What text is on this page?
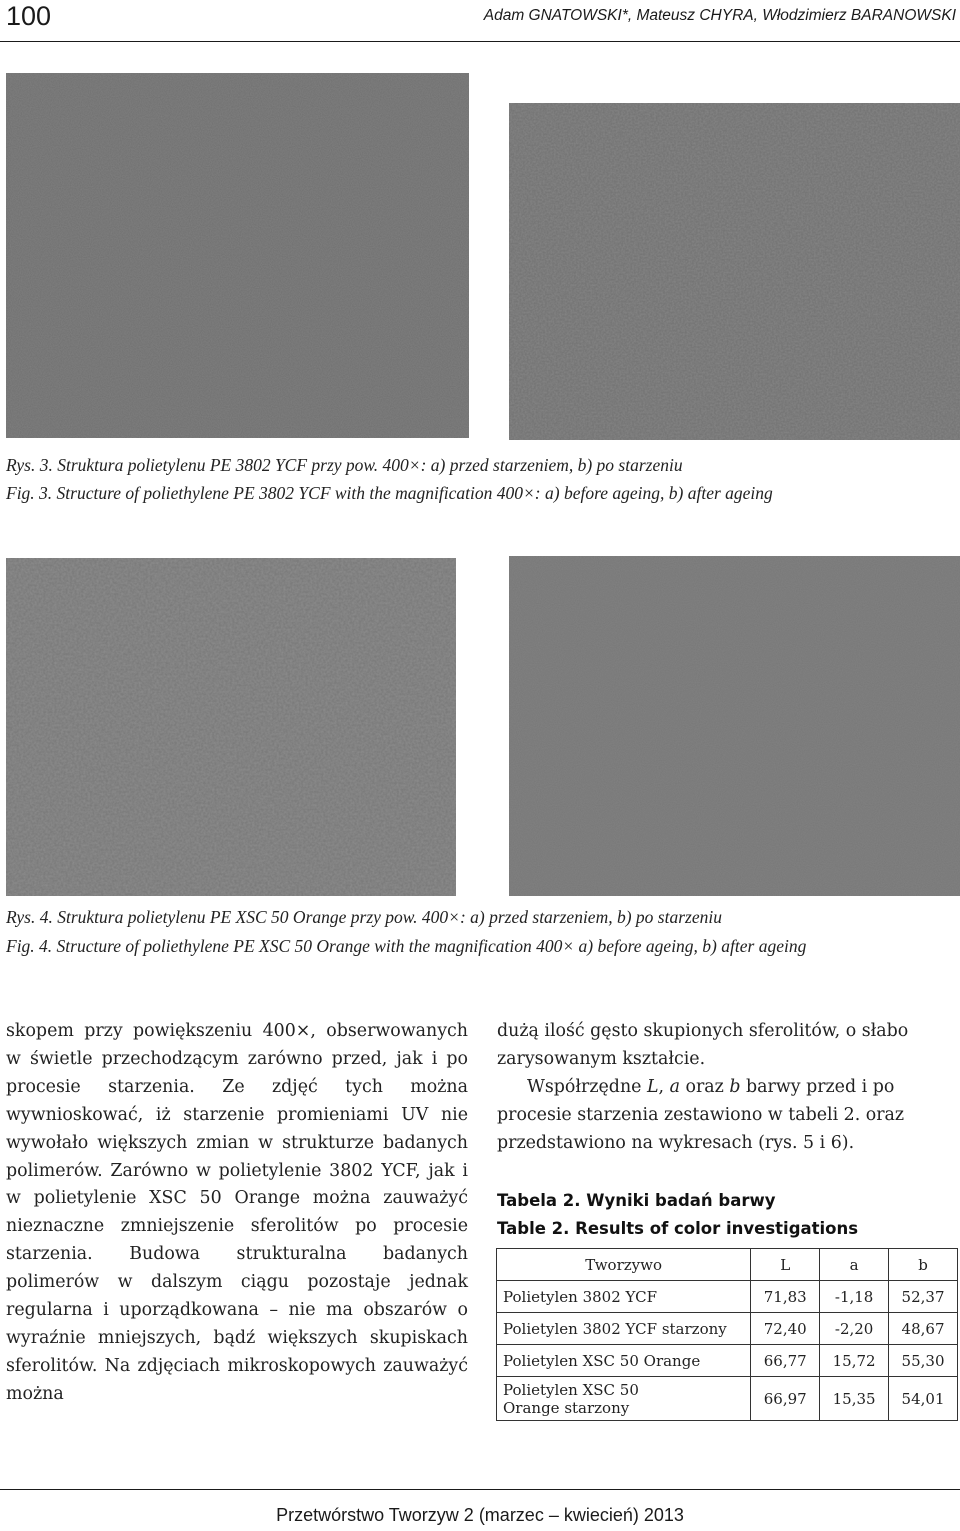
100	Adam GNATOWSKI*, Mateusz CHYRA, Włodzimierz BARANOWSKI
Rys. 3. Struktura polietylenu PE 3802 YCF przy pow. 400×: a) przed starzeniem, b) po starzeniu
Fig. 3. Structure of poliethylene PE 3802 YCF with the magnification 400×: a) before ageing, b) after ageing
Rys. 4. Struktura polietylenu PE XSC 50 Orange przy pow. 400×: a) przed starzeniem, b) po starzeniu
Fig. 4. Structure of poliethylene PE XSC 50 Orange with the magnification 400× a) before ageing, b) after ageing

skopem przy powiększeniu 400×, obserwowanych w świetle przechodzącym zarówno przed, jak i po procesie starzenia. Ze zdjęć tych można wywnioskować, iż starzenie promieniami UV nie wywołało większych zmian w strukturze badanych polimerów. Zarówno w polietylenie 3802 YCF, jak i w polietylenie XSC 50 Orange można zauważyć nieznaczne zmniejszenie sferolitów po procesie starzenia. Budowa strukturalna badanych polimerów w dalszym ciągu pozostaje jednak regularna i uporządkowana – nie ma obszarów o wyraźnie mniejszych, bądź większych skupiskach sferolitów. Na zdjęciach mikroskopowych zauważyć można

dużą ilość gęsto skupionych sferolitów, o słabo zarysowanym kształcie.

Współrzędne L, a oraz b barwy przed i po procesie starzenia zestawiono w tabeli 2. oraz przedstawiono na wykresach (rys. 5 i 6).

Tabela 2. Wyniki badań barwy
Table 2. Results of color investigations
Tworzywo	L	a	b
Polietylen 3802 YCF	71,83	-1,18	52,37
Polietylen 3802 YCF starzony	72,40	-2,20	48,67
Polietylen XSC 50 Orange	66,77	15,72	55,30
Polietylen XSC 50 Orange starzony	66,97	15,35	54,01
Przetwórstwo Tworzyw 2 (marzec – kwiecień) 2013
